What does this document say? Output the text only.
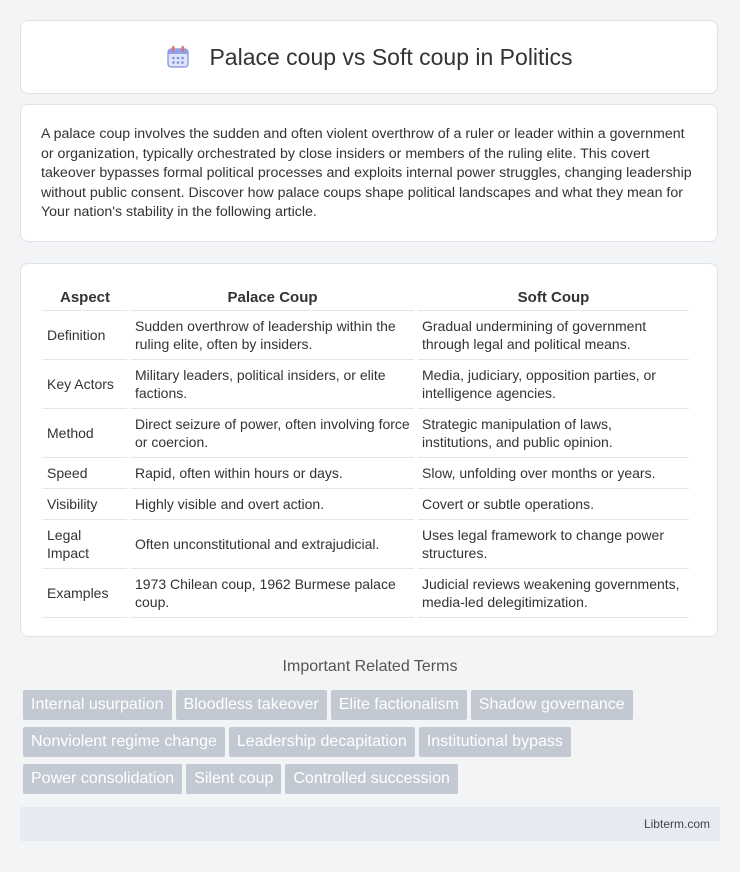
Palace coup vs Soft coup in Politics

A palace coup involves the sudden and often violent overthrow of a ruler or leader within a government or organization, typically orchestrated by close insiders or members of the ruling elite. This covert takeover bypasses formal political processes and exploits internal power struggles, changing leadership without public consent. Discover how palace coups shape political landscapes and what they mean for Your nation's stability in the following article.

Aspect	Palace Coup	Soft Coup
Definition	Sudden overthrow of leadership within the ruling elite, often by insiders.	Gradual undermining of government through legal and political means.
Key Actors	Military leaders, political insiders, or elite factions.	Media, judiciary, opposition parties, or intelligence agencies.
Method	Direct seizure of power, often involving force or coercion.	Strategic manipulation of laws, institutions, and public opinion.
Speed	Rapid, often within hours or days.	Slow, unfolding over months or years.
Visibility	Highly visible and overt action.	Covert or subtle operations.
Legal Impact	Often unconstitutional and extrajudicial.	Uses legal framework to change power structures.
Examples	1973 Chilean coup, 1962 Burmese palace coup.	Judicial reviews weakening governments, media-led delegitimization.
Important Related Terms
Internal usurpation Bloodless takeover Elite factionalism Shadow governance
Nonviolent regime change Leadership decapitation Institutional bypass
Power consolidation Silent coup Controlled succession
Libterm.com
